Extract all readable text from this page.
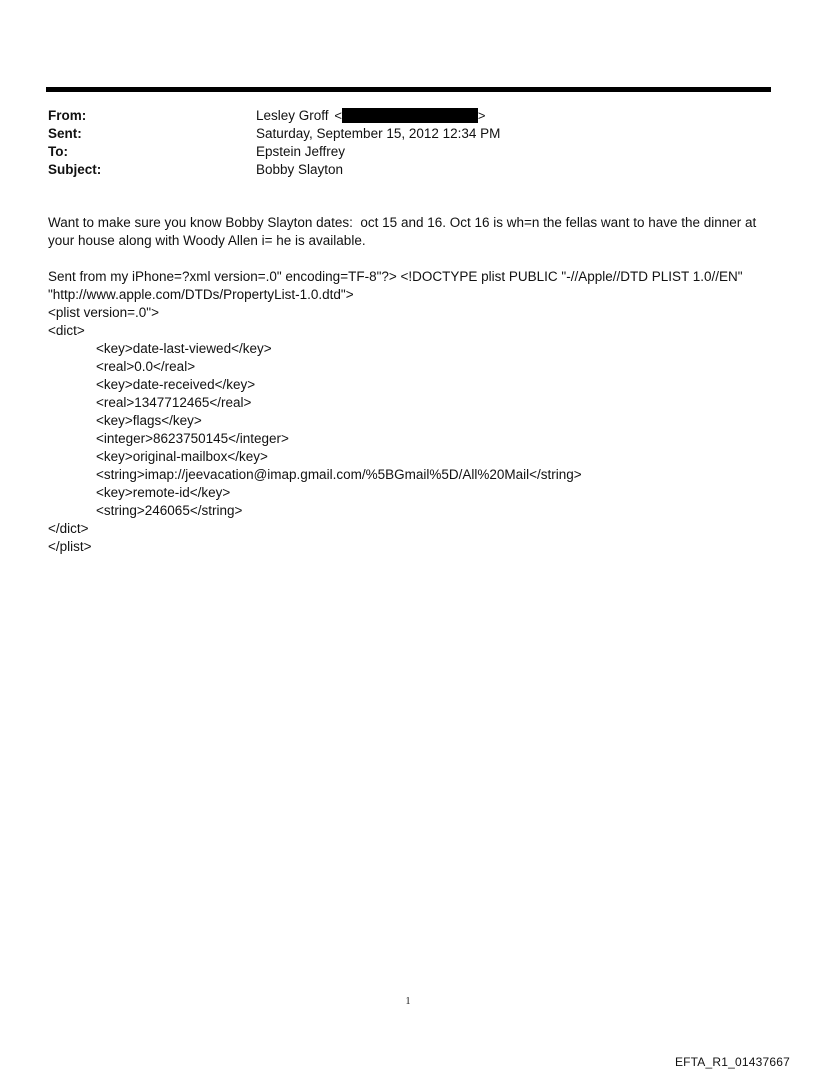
From:	Lesley Groff <	>
Sent:	Saturday, September 15, 2012 12:34 PM
To:	Epstein Jeffrey
Subject:	Bobby Slayton
Want to make sure you know Bobby Slayton dates:  oct 15 and 16. Oct 16 is wh=n the fellas want to have the dinner at
your house along with Woody Allen i= he is available.
Sent from my iPhone=?xml version=.0" encoding=TF-8"?> <!DOCTYPE plist PUBLIC "-//Apple//DTD PLIST 1.0//EN"
"http://www.apple.com/DTDs/PropertyList-1.0.dtd">
<plist version=.0">
<dict>
<key>date-last-viewed</key>
<real>0.0</real>
<key>date-received</key>
<real>1347712465</real>
<key>flags</key>
<integer>8623750145</integer>
<key>original-mailbox</key>
<string>imap://jeevacation@imap.gmail.com/%5BGmail%5D/All%20Mail</string>
<key>remote-id</key>
<string>246065</string>
</dict>
</plist>
1
EFTA_R1_01437667
